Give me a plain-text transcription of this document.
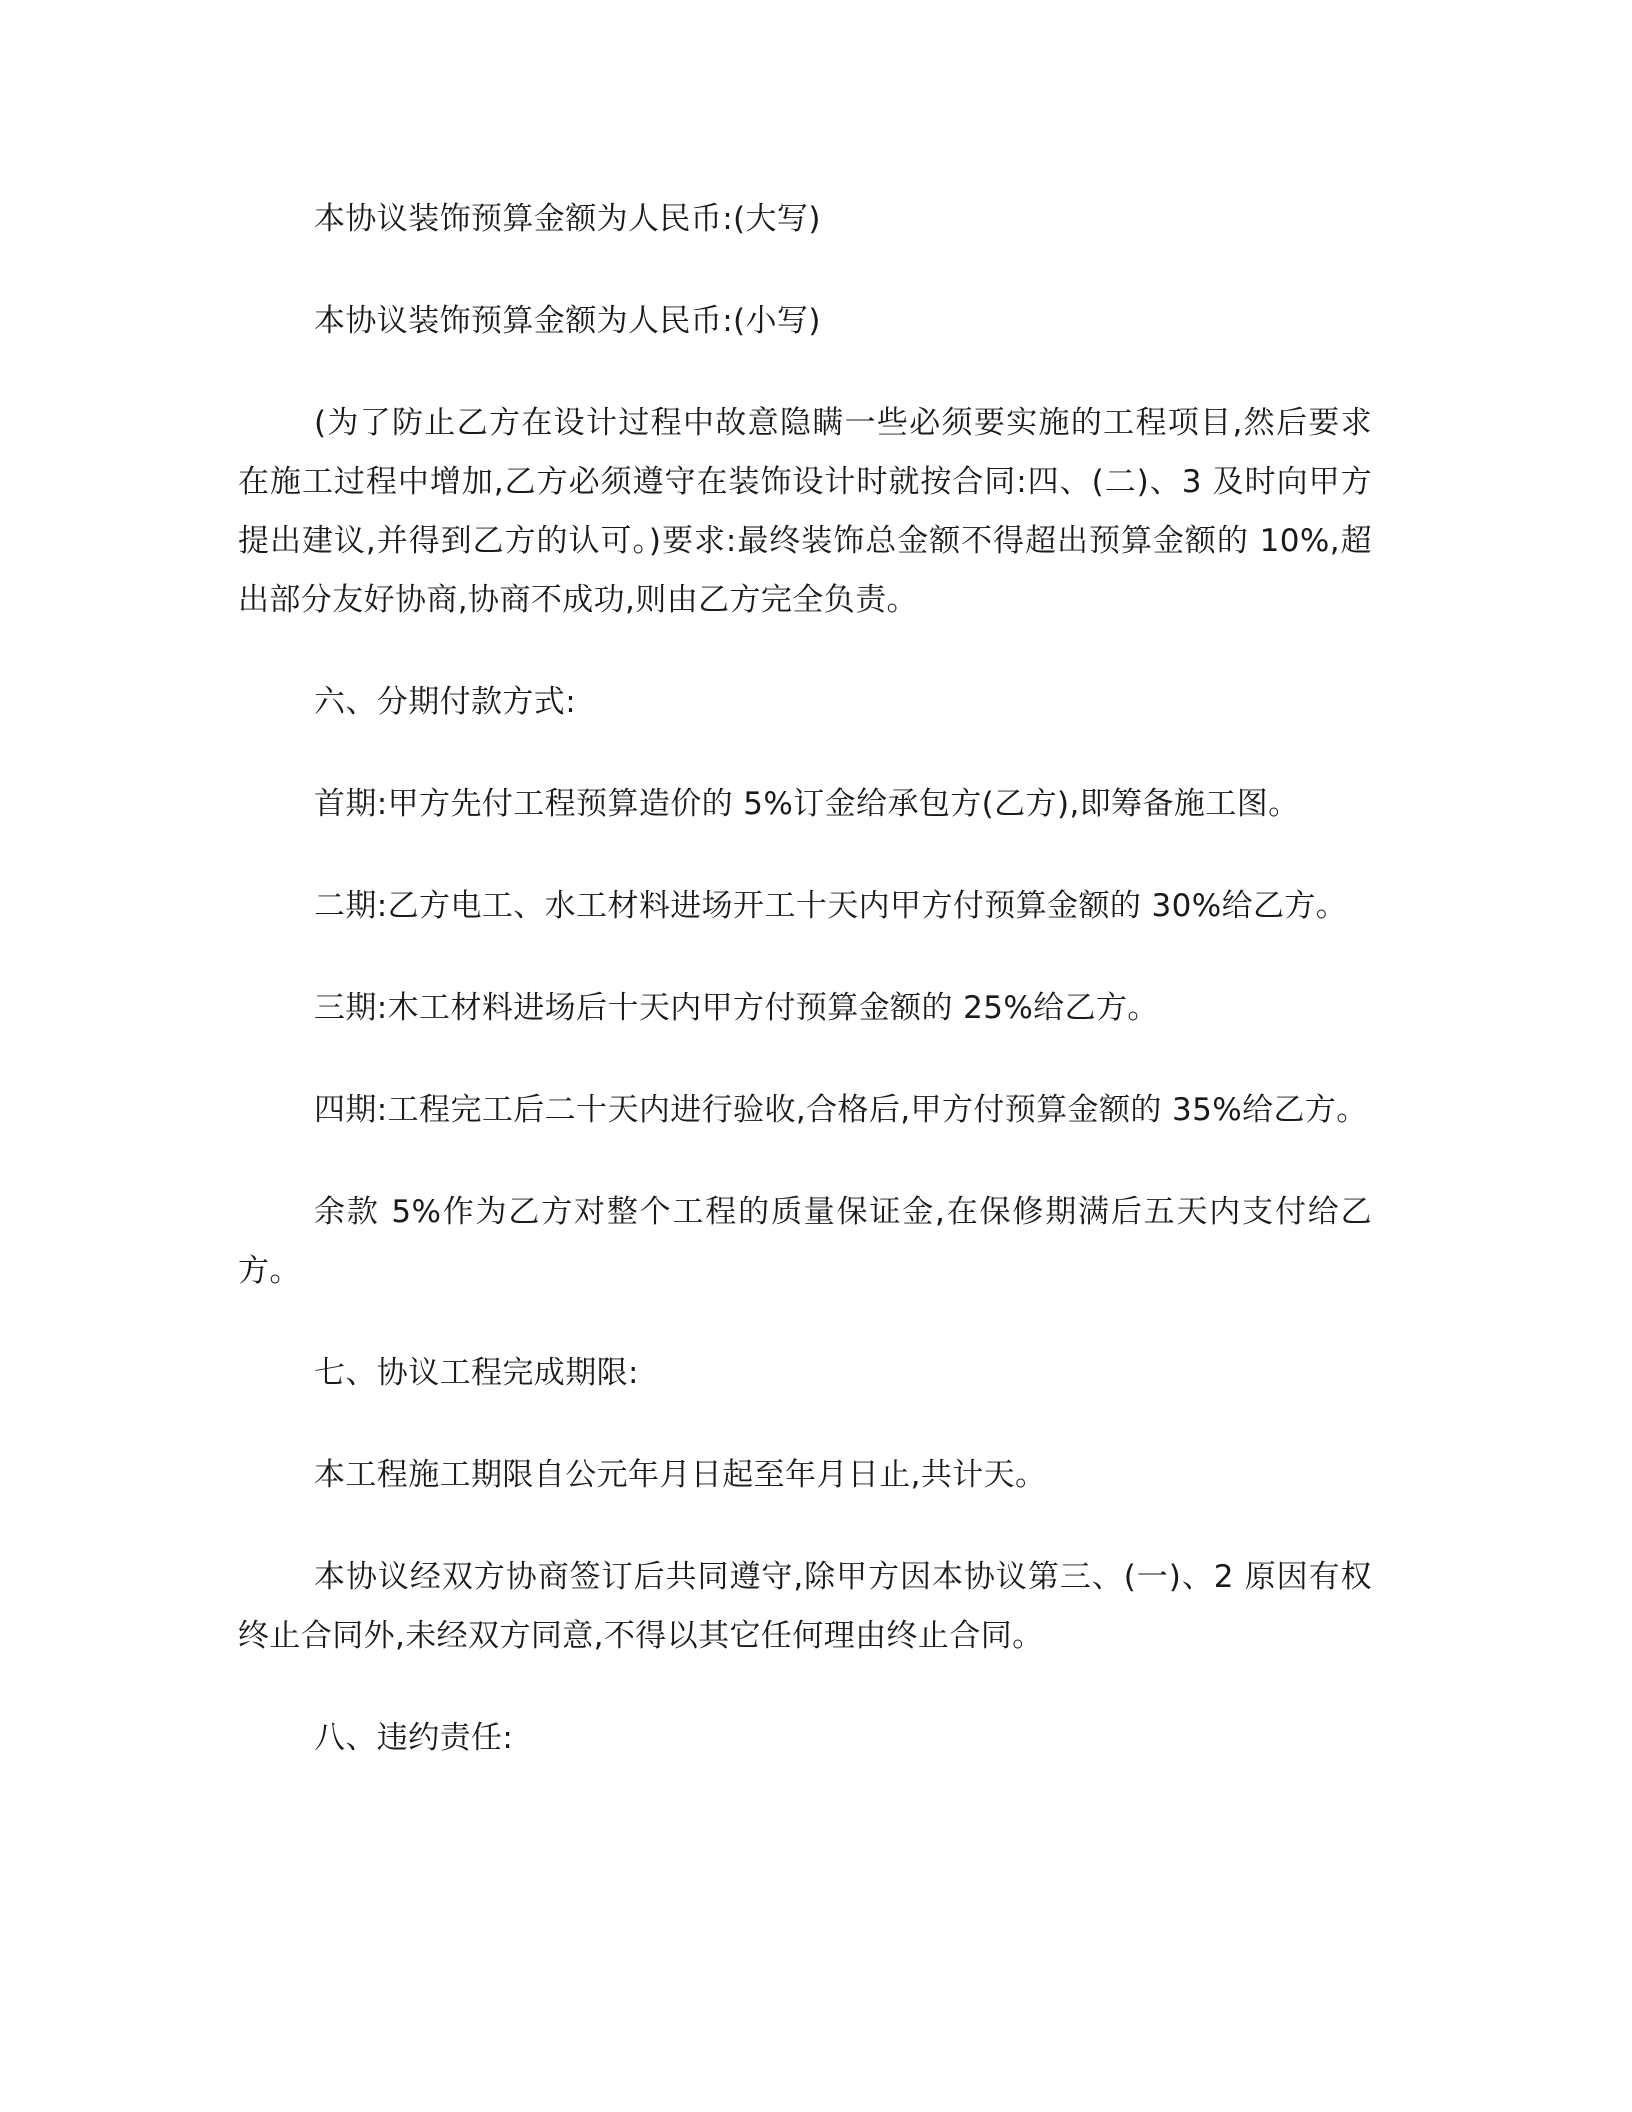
本协议装饰预算金额为人民币:(大写)

本协议装饰预算金额为人民币:(小写)

(为了防止乙方在设计过程中故意隐瞒一些必须要实施的工程项目,然后要求在施工过程中增加,乙方必须遵守在装饰设计时就按合同:四、(二)、3 及时向甲方提出建议,并得到乙方的认可。)要求:最终装饰总金额不得超出预算金额的 10%,超出部分友好协商,协商不成功,则由乙方完全负责。

六、分期付款方式:

首期:甲方先付工程预算造价的 5%订金给承包方(乙方),即筹备施工图。

二期:乙方电工、水工材料进场开工十天内甲方付预算金额的 30%给乙方。

三期:木工材料进场后十天内甲方付预算金额的 25%给乙方。

四期:工程完工后二十天内进行验收,合格后,甲方付预算金额的 35%给乙方。

余款 5%作为乙方对整个工程的质量保证金,在保修期满后五天内支付给乙方。

七、协议工程完成期限:

本工程施工期限自公元年月日起至年月日止,共计天。

本协议经双方协商签订后共同遵守,除甲方因本协议第三、(一)、2 原因有权终止合同外,未经双方同意,不得以其它任何理由终止合同。

八、违约责任:
